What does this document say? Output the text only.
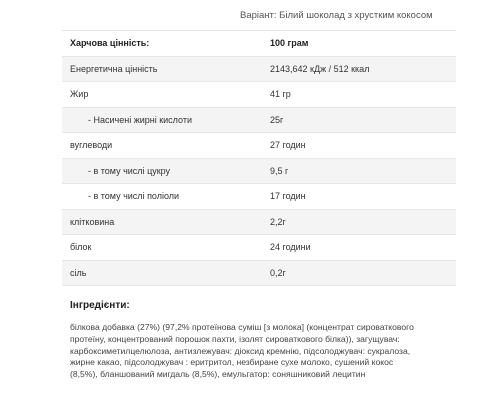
Варіант: Білий шоколад з хрустким кокосом
Харчова цінність:	100 грам
Енергетична цінність	2143,642 кДж / 512 ккал
Жир	41 гр
- Насичені жирні кислоти	25г
вуглеводи	27 годин
- в тому числі цукру	9,5 г
- в тому числі поліоли	17 годин
клітковина	2,2г
білок	24 години
сіль	0,2г
Інгредієнти:
білкова добавка (27%) (97,2% протеїнова суміш [з молока] (концентрат сироваткового
протеїну, концентрований порошок пахти, ізолят сироваткового білка)), загущувач:
карбоксиметилцелюлоза, антизлежувач: діоксид кремнію, підсолоджувач: сукралоза,
жирне какао, підсолоджувач : еритритол, незбиране сухе молоко, сушений кокос
(8,5%), бланшований мигдаль (8,5%), емульгатор: соняшниковий лецитин
